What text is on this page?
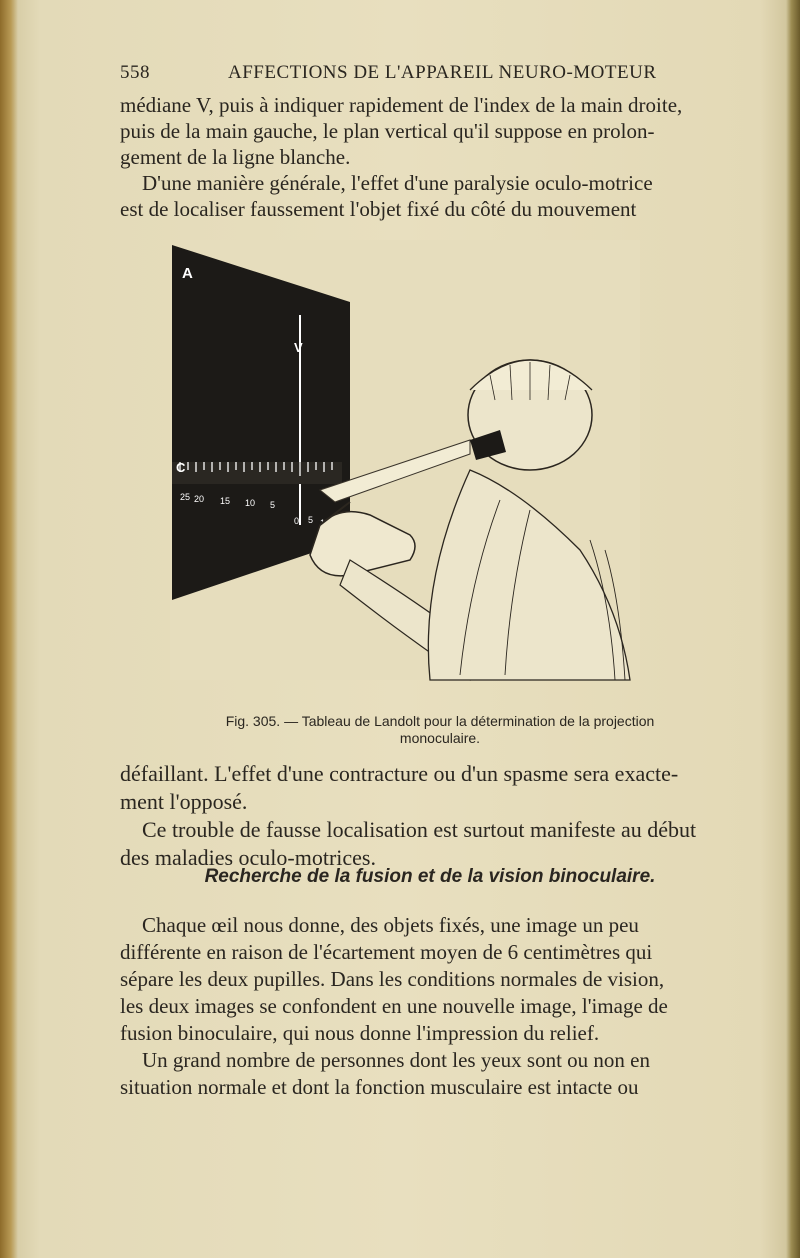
558	AFFECTIONS DE L'APPAREIL NEURO-MOTEUR
médiane V, puis à indiquer rapidement de l'index de la main droite,
puis de la main gauche, le plan vertical qu'il suppose en prolon-
gement de la ligne blanche.
D'une manière générale, l'effet d'une paralysie oculo-motrice
est de localiser faussement l'objet fixé du côté du mouvement
A
V
C
25 20 15 10 5
0 5
Fig. 305. — Tableau de Landolt pour la détermination de la projection
monoculaire.
défaillant. L'effet d'une contracture ou d'un spasme sera exacte-
ment l'opposé.
Ce trouble de fausse localisation est surtout manifeste au début
des maladies oculo-motrices.
Recherche de la fusion et de la vision binoculaire.
Chaque œil nous donne, des objets fixés, une image un peu
différente en raison de l'écartement moyen de 6 centimètres qui
sépare les deux pupilles. Dans les conditions normales de vision,
les deux images se confondent en une nouvelle image, l'image de
fusion binoculaire, qui nous donne l'impression du relief.
Un grand nombre de personnes dont les yeux sont ou non en
situation normale et dont la fonction musculaire est intacte ou
